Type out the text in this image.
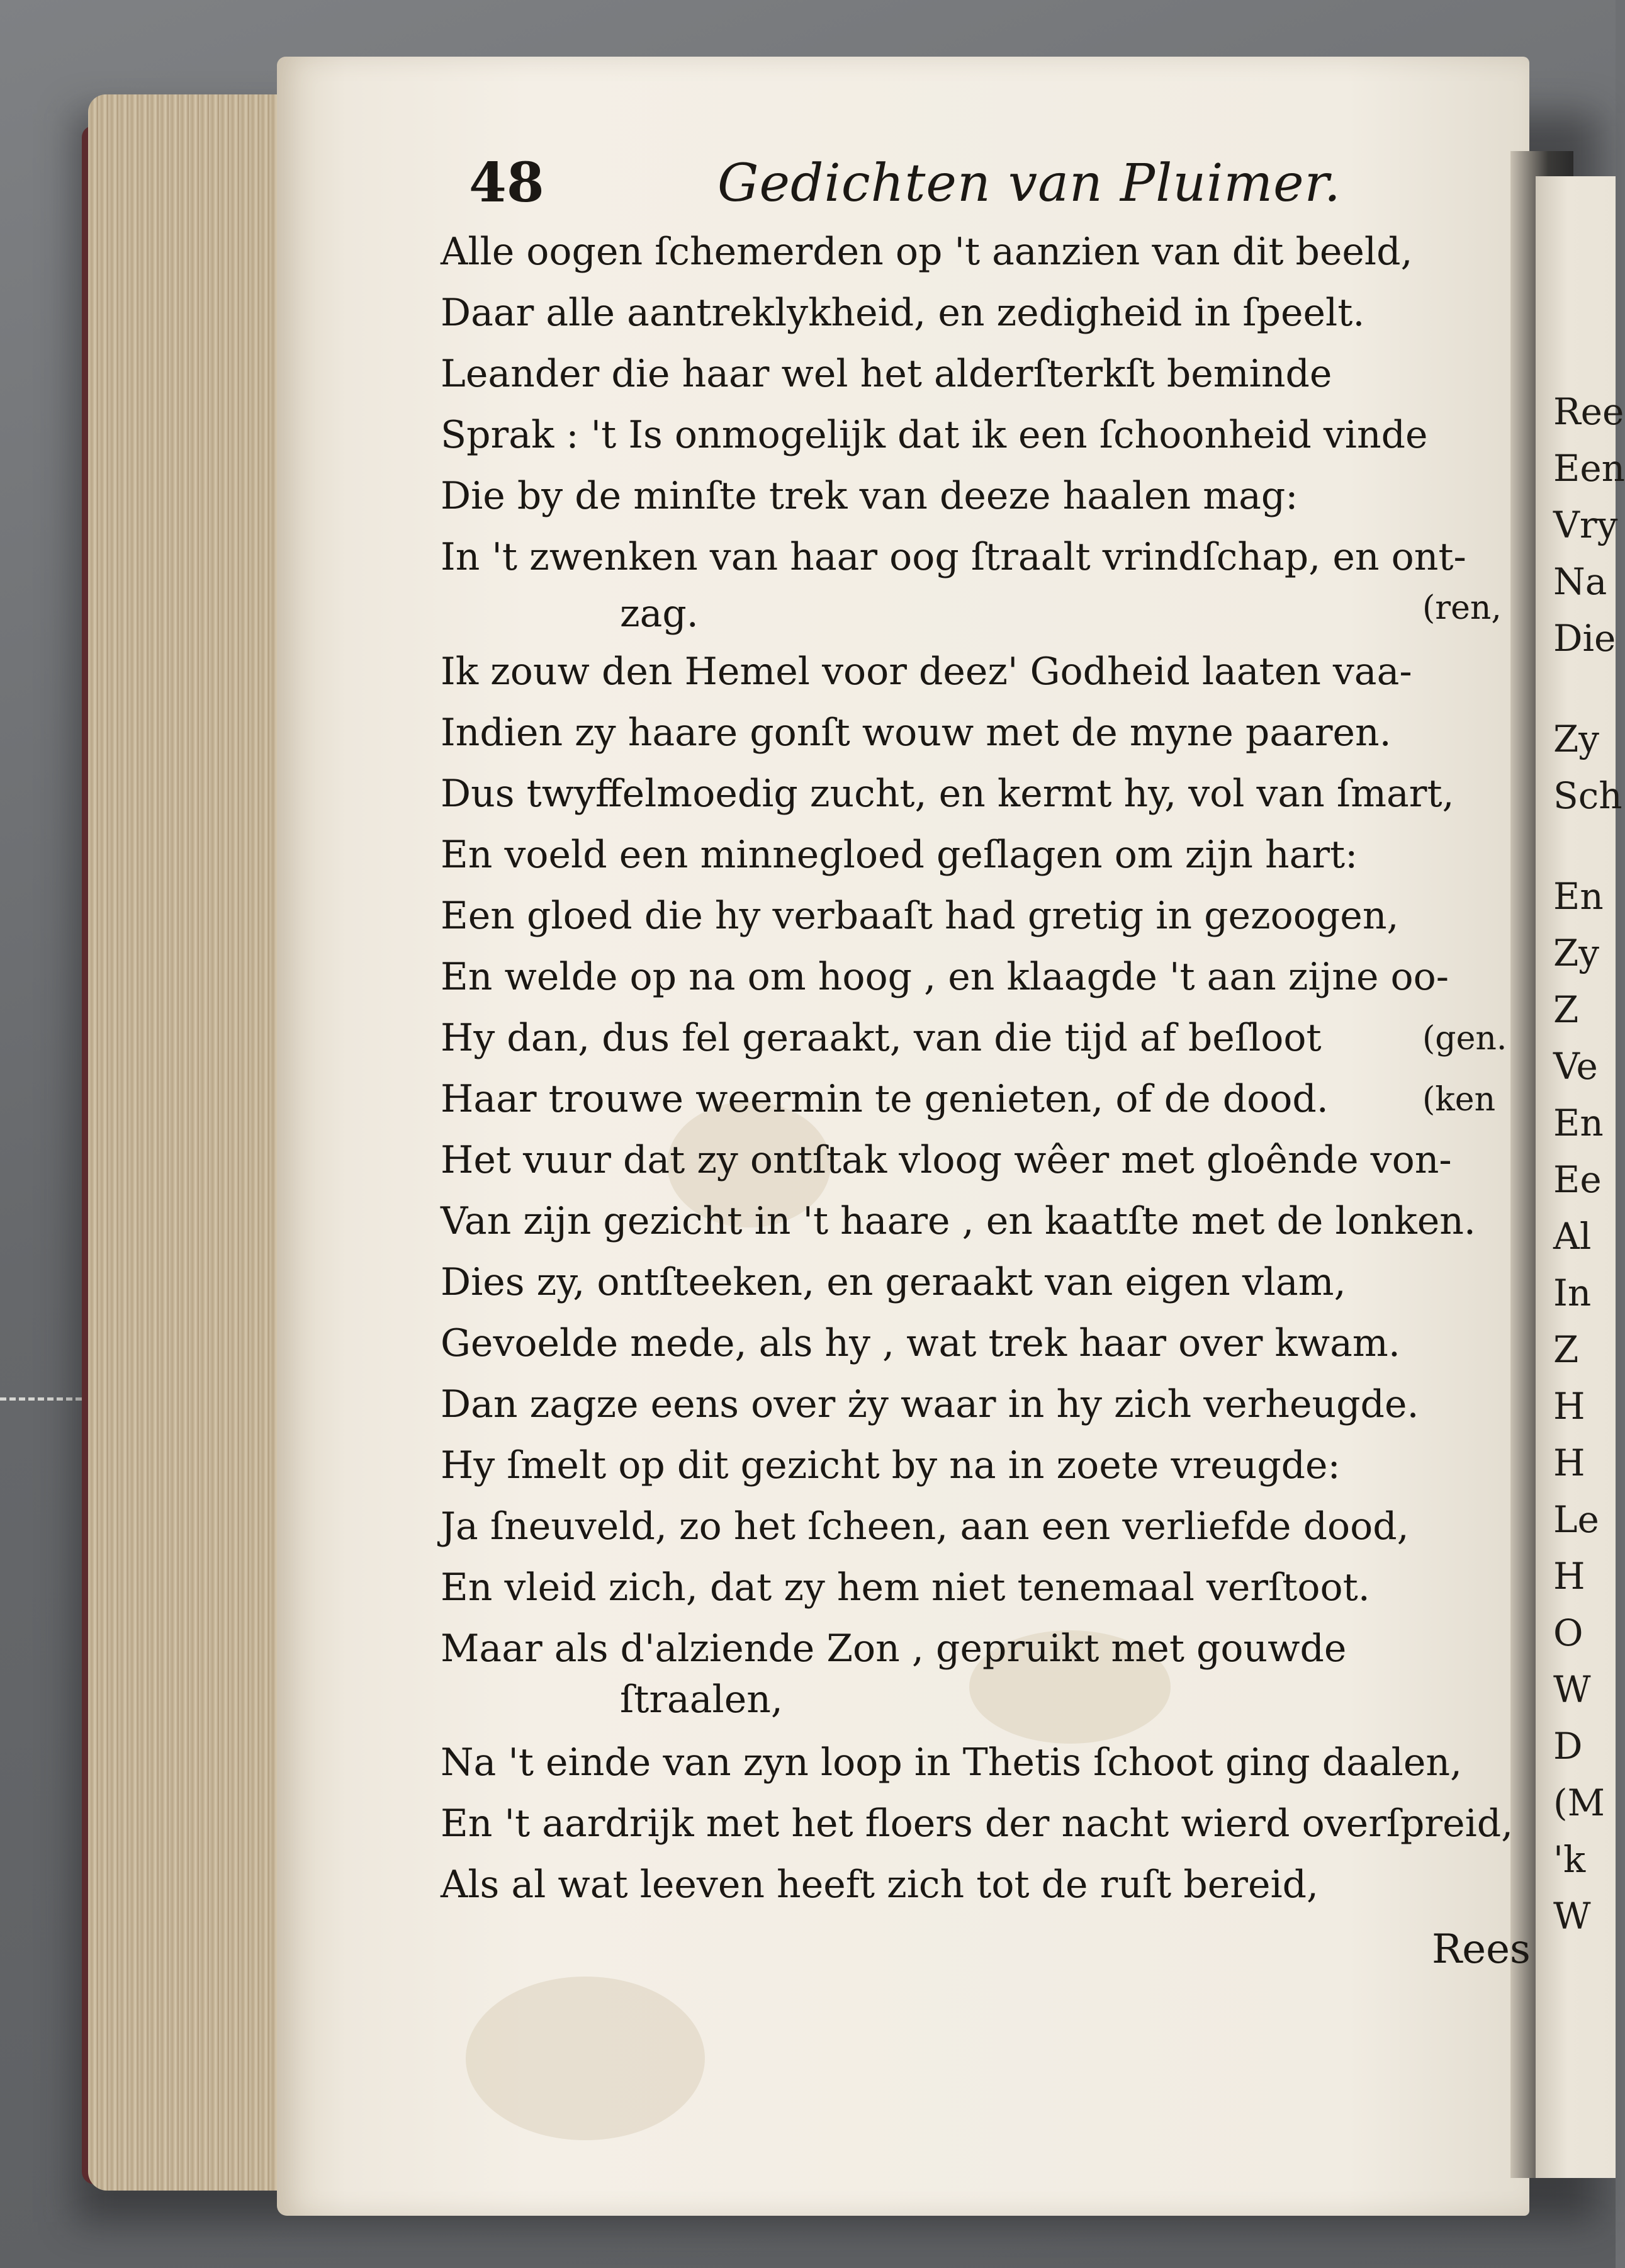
Ree
Een
Vry
Na
Die
Zy
Sch
En
Zy
Z
Ve
En
Ee
Al
In
Z
H
H
Le
H
O
W
D
(M
'k
W
48	Gedichten van Pluimer.
Alle oogen ſchemerden op 't aanzien van dit beeld,
Daar alle aantreklykheid, en zedigheid in ſpeelt.
Leander die haar wel het alderſterkſt beminde
Sprak : 't Is onmogelijk dat ik een ſchoonheid vinde
Die by de minſte trek van deeze haalen mag:
In 't zwenken van haar oog ſtraalt vrindſchap, en ont-
zag.	(ren,
Ik zouw den Hemel voor deez' Godheid laaten vaa-
Indien zy haare gonſt wouw met de myne paaren.
Dus twyffelmoedig zucht, en kermt hy, vol van ſmart,
En voeld een minnegloed geſlagen om zijn hart:
Een gloed die hy verbaaſt had gretig in gezoogen,
En welde op na om hoog , en klaagde 't aan zijne oo-
Hy dan, dus fel geraakt, van die tijd af beſloot	(gen.
Haar trouwe weermin te genieten, of de dood.	(ken
Het vuur dat zy ontſtak vloog wêer met gloênde von-
Van zijn gezicht in 't haare , en kaatſte met de lonken.
Dies zy, ontſteeken, en geraakt van eigen vlam,
Gevoelde mede, als hy , wat trek haar over kwam.
Dan zagze eens over ży waar in hy zich verheugde.
Hy ſmelt op dit gezicht by na in zoete vreugde:
Ja ſneuveld, zo het ſcheen, aan een verliefde dood,
En vleid zich, dat zy hem niet tenemaal verſtoot.
Maar als d'alziende Zon , gepruikt met gouwde
ſtraalen,
Na 't einde van zyn loop in Thetis ſchoot ging daalen,
En 't aardrijk met het floers der nacht wierd overſpreid,
Als al wat leeven heeft zich tot de ruſt bereid,
Rees
